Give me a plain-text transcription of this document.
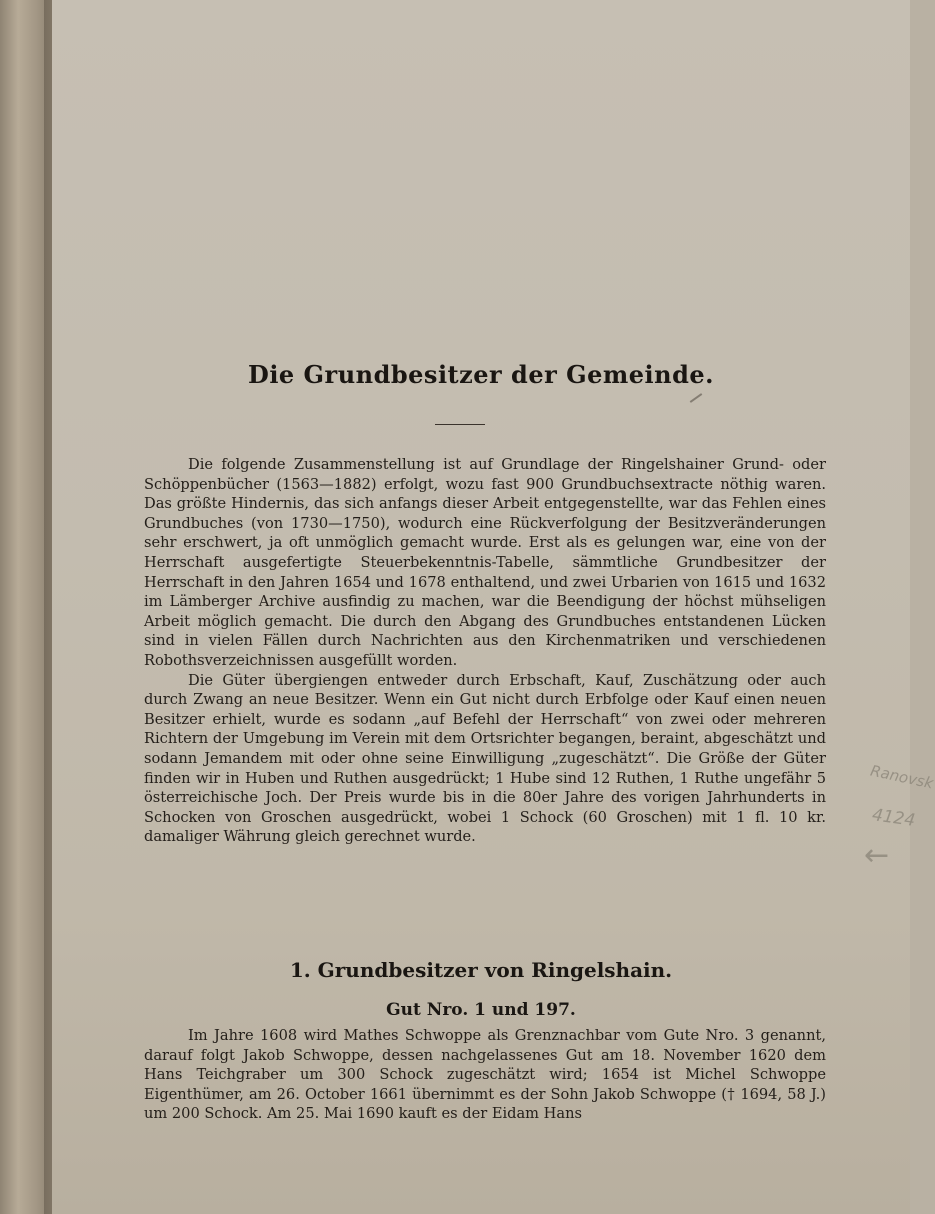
Die Grundbesitzer der Gemeinde.

Die folgende Zusammenstellung ist auf Grundlage der Ringelshainer Grund- oder Schöppenbücher (1563—1882) erfolgt, wozu fast 900 Grundbuchsextracte nöthig waren. Das größte Hindernis, das sich anfangs dieser Arbeit entgegenstellte, war das Fehlen eines Grundbuches (von 1730—1750), wodurch eine Rückverfolgung der Besitzveränderungen sehr erschwert, ja oft unmöglich gemacht wurde. Erst als es gelungen war, eine von der Herrschaft ausgefertigte Steuerbekenntnis-Tabelle, sämmtliche Grundbesitzer der Herrschaft in den Jahren 1654 und 1678 enthaltend, und zwei Urbarien von 1615 und 1632 im Lämberger Archive ausfindig zu machen, war die Beendigung der höchst mühseligen Arbeit möglich gemacht. Die durch den Abgang des Grundbuches entstandenen Lücken sind in vielen Fällen durch Nachrichten aus den Kirchenmatriken und verschiedenen Robothsverzeichnissen ausgefüllt worden.

Die Güter übergiengen entweder durch Erbschaft, Kauf, Zuschätzung oder auch durch Zwang an neue Besitzer. Wenn ein Gut nicht durch Erbfolge oder Kauf einen neuen Besitzer erhielt, wurde es sodann „auf Befehl der Herrschaft“ von zwei oder mehreren Richtern der Umgebung im Verein mit dem Ortsrichter begangen, beraint, abgeschätzt und sodann Jemandem mit oder ohne seine Einwilligung „zugeschätzt“. Die Größe der Güter finden wir in Huben und Ruthen ausgedrückt; 1 Hube sind 12 Ruthen, 1 Ruthe ungefähr 5 österreichische Joch. Der Preis wurde bis in die 80er Jahre des vorigen Jahrhunderts in Schocken von Groschen ausgedrückt, wobei 1 Schock (60 Groschen) mit 1 fl. 10 kr. damaliger Währung gleich gerechnet wurde.

1. Grundbesitzer von Ringelshain.
Gut Nro. 1 und 197.
Im Jahre 1608 wird Mathes Schwoppe als Grenznachbar vom Gute Nro. 3 genannt, darauf folgt Jakob Schwoppe, dessen nachgelassenes Gut am 18. November 1620 dem Hans Teichgraber um 300 Schock zugeschätzt wird; 1654 ist Michel Schwoppe Eigenthümer, am 26. October 1661 übernimmt es der Sohn Jakob Schwoppe († 1694, 58 J.) um 200 Schock. Am 25. Mai 1690 kauft es der Eidam Hans
Ranovsk
4124
←
